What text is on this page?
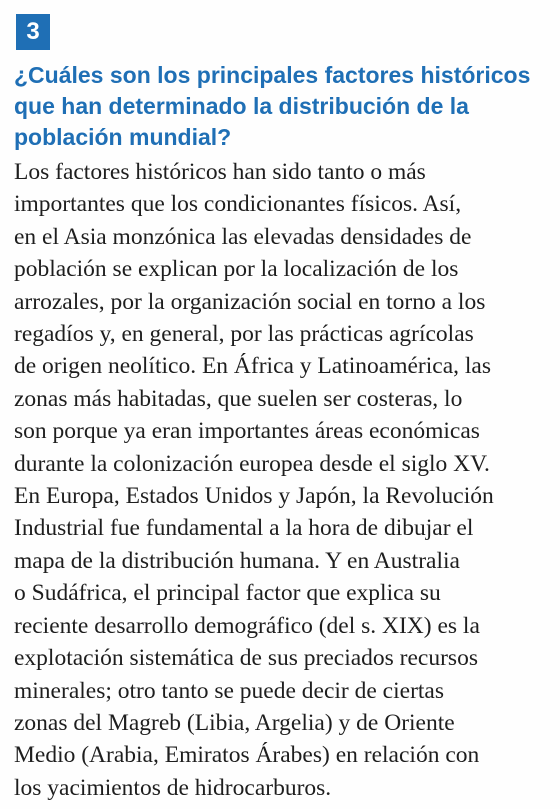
3
¿Cuáles son los principales factores históricos
que han determinado la distribución de la
población mundial?

Los factores históricos han sido tanto o más
importantes que los condicionantes físicos. Así,
en el Asia monzónica las elevadas densidades de
población se explican por la localización de los
arrozales, por la organización social en torno a los
regadíos y, en general, por las prácticas agrícolas
de origen neolítico. En África y Latinoamérica, las
zonas más habitadas, que suelen ser costeras, lo
son porque ya eran importantes áreas económicas
durante la colonización europea desde el siglo XV.
En Europa, Estados Unidos y Japón, la Revolución
Industrial fue fundamental a la hora de dibujar el
mapa de la distribución humana. Y en Australia
o Sudáfrica, el principal factor que explica su
reciente desarrollo demográfico (del s. XIX) es la
explotación sistemática de sus preciados recursos
minerales; otro tanto se puede decir de ciertas
zonas del Magreb (Libia, Argelia) y de Oriente
Medio (Arabia, Emiratos Árabes) en relación con
los yacimientos de hidrocarburos.
